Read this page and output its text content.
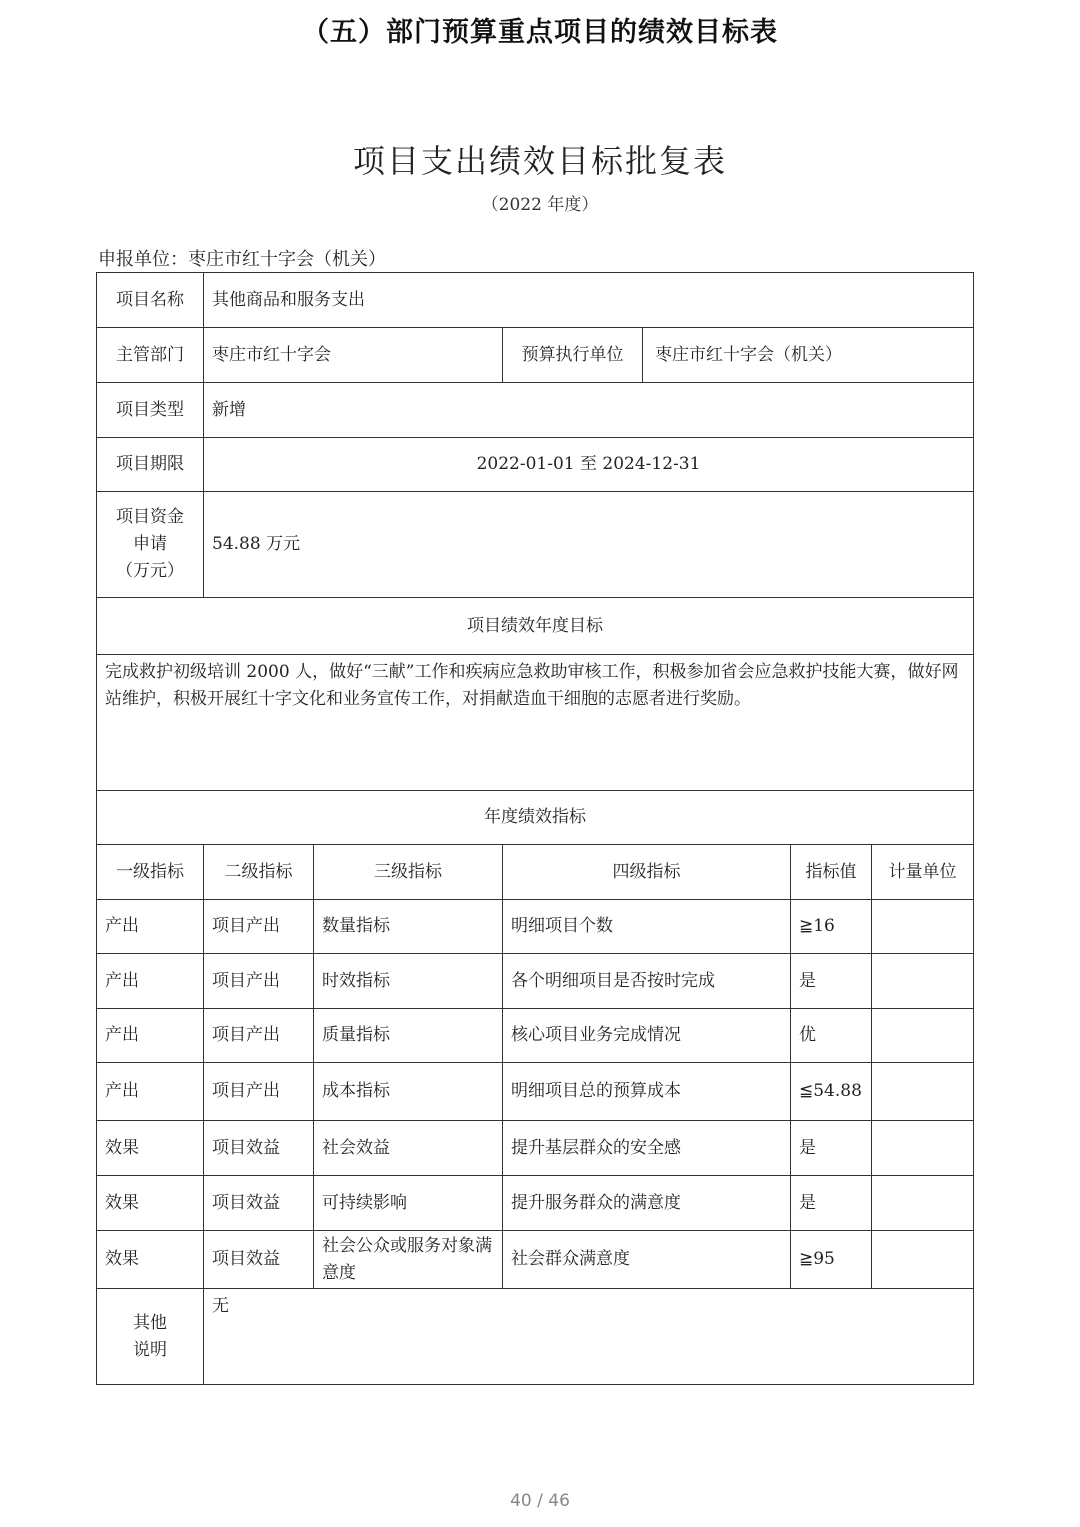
（五）部门预算重点项目的绩效目标表
项目支出绩效目标批复表
（2022 年度）
申报单位：枣庄市红十字会（机关）
项目名称	其他商品和服务支出				
主管部门	枣庄市红十字会		预算执行单位 枣庄市红十字会（机关）		

项目类型	新增				
项目期限	2022-01-01 至 2024-12-31				

项目资金
申请
（万元）	54.88 万元				
项目绩效年度目标					
完成救护初级培训 2000 人，做好“三献”工作和疾病应急救助审核工作，积极参加省会应急救护技能大赛，做好网站维护，积极开展红十字文化和业务宣传工作，对捐献造血干细胞的志愿者进行奖励。					
年度绩效指标					
一级指标	二级指标	三级指标	四级指标	指标值	计量单位
产出	项目产出	数量指标	明细项目个数	≧16	
产出	项目产出	时效指标	各个明细项目是否按时完成	是	
产出	项目产出	质量指标	核心项目业务完成情况	优	
产出	项目产出	成本指标	明细项目总的预算成本	≦54.88	
效果	项目效益	社会效益	提升基层群众的安全感	是	
效果	项目效益	可持续影响	提升服务群众的满意度	是	
效果	项目效益	社会公众或服务对象满意度	社会群众满意度	≧95	

其他
说明	无				
40 / 46
